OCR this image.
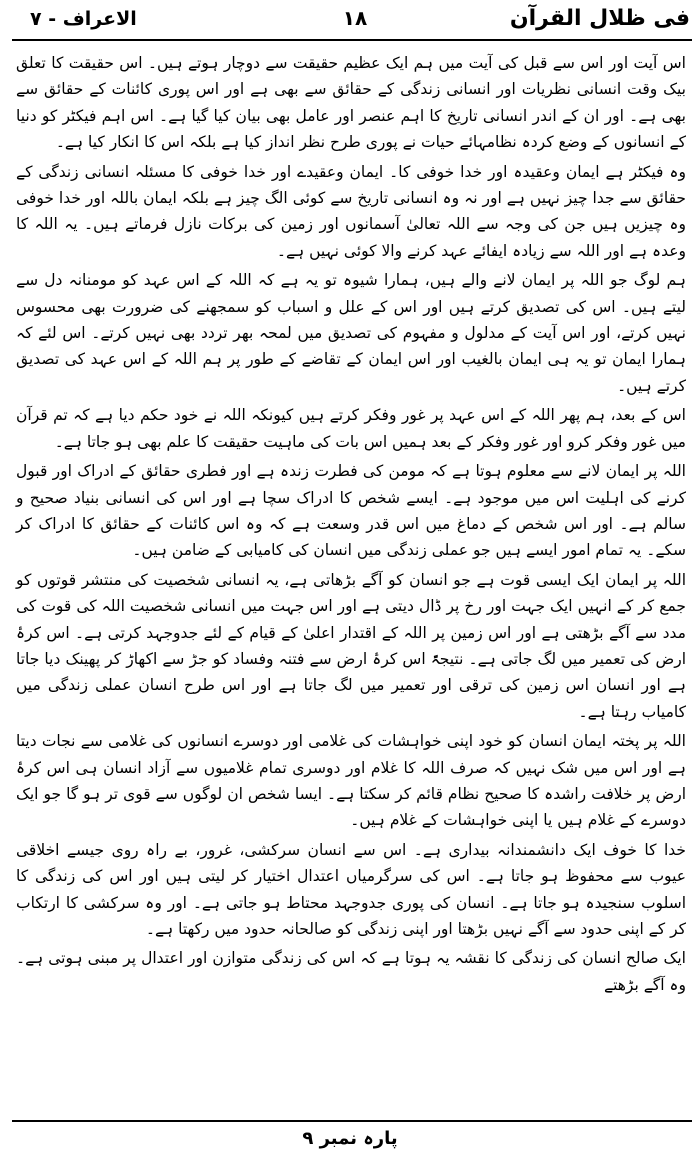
فی ظلال القرآن
۱۸
الاعراف - ۷

اس آیت اور اس سے قبل کی آیت میں ہم ایک عظیم حقیقت سے دوچار ہوتے ہیں۔ اس حقیقت کا تعلق بیک وقت انسانی نظریات اور انسانی زندگی کے حقائق سے بھی ہے اور اس پوری کائنات کے حقائق سے بھی ہے۔ اور ان کے اندر انسانی تاریخ کا اہم عنصر اور عامل بھی بیان کیا گیا ہے۔ اس اہم فیکٹر کو دنیا کے انسانوں کے وضع کردہ نظامہائے حیات نے پوری طرح نظر انداز کیا ہے بلکہ اس کا انکار کیا ہے۔

وہ فیکٹر ہے ایمان وعقیدہ اور خدا خوفی کا۔ ایمان وعقیدے اور خدا خوفی کا مسئلہ انسانی زندگی کے حقائق سے جدا چیز نہیں ہے اور نہ وہ انسانی تاریخ سے کوئی الگ چیز ہے بلکہ ایمان باللہ اور خدا خوفی وہ چیزیں ہیں جن کی وجہ سے اللہ تعالیٰ آسمانوں اور زمین کی برکات نازل فرماتے ہیں۔ یہ اللہ کا وعدہ ہے اور اللہ سے زیادہ ایفائے عہد کرنے والا کوئی نہیں ہے۔

ہم لوگ جو اللہ پر ایمان لانے والے ہیں، ہمارا شیوہ تو یہ ہے کہ اللہ کے اس عہد کو مومنانہ دل سے لیتے ہیں۔ اس کی تصدیق کرتے ہیں اور اس کے علل و اسباب کو سمجھنے کی ضرورت بھی محسوس نہیں کرتے، اور اس آیت کے مدلول و مفہوم کی تصدیق میں لمحہ بھر تردد بھی نہیں کرتے۔ اس لئے کہ ہمارا ایمان تو یہ ہی ایمان بالغیب اور اس ایمان کے تقاضے کے طور پر ہم اللہ کے اس عہد کی تصدیق کرتے ہیں۔

اس کے بعد، ہم پھر اللہ کے اس عہد پر غور وفکر کرتے ہیں کیونکہ اللہ نے خود حکم دیا ہے کہ تم قرآن میں غور وفکر کرو اور غور وفکر کے بعد ہمیں اس بات کی ماہیت حقیقت کا علم بھی ہو جاتا ہے۔

اللہ پر ایمان لانے سے معلوم ہوتا ہے کہ مومن کی فطرت زندہ ہے اور فطری حقائق کے ادراک اور قبول کرنے کی اہلیت اس میں موجود ہے۔ ایسے شخص کا ادراک سچا ہے اور اس کی انسانی بنیاد صحیح و سالم ہے۔ اور اس شخص کے دماغ میں اس قدر وسعت ہے کہ وہ اس کائنات کے حقائق کا ادراک کر سکے۔ یہ تمام امور ایسے ہیں جو عملی زندگی میں انسان کی کامیابی کے ضامن ہیں۔

اللہ پر ایمان ایک ایسی قوت ہے جو انسان کو آگے بڑھاتی ہے، یہ انسانی شخصیت کی منتشر قوتوں کو جمع کر کے انہیں ایک جہت اور رخ پر ڈال دیتی ہے اور اس جہت میں انسانی شخصیت اللہ کی قوت کی مدد سے آگے بڑھتی ہے اور اس زمین پر اللہ کے اقتدار اعلیٰ کے قیام کے لئے جدوجہد کرتی ہے۔ اس کرۂ ارض کی تعمیر میں لگ جاتی ہے۔ نتیجۃً اس کرۂ ارض سے فتنہ وفساد کو جڑ سے اکھاڑ کر پھینک دیا جاتا ہے اور انسان اس زمین کی ترقی اور تعمیر میں لگ جاتا ہے اور اس طرح انسان عملی زندگی میں کامیاب رہتا ہے۔

اللہ پر پختہ ایمان انسان کو خود اپنی خواہشات کی غلامی اور دوسرے انسانوں کی غلامی سے نجات دیتا ہے اور اس میں شک نہیں کہ صرف اللہ کا غلام اور دوسری تمام غلامیوں سے آزاد انسان ہی اس کرۂ ارض پر خلافت راشدہ کا صحیح نظام قائم کر سکتا ہے۔ ایسا شخص ان لوگوں سے قوی تر ہو گا جو ایک دوسرے کے غلام ہیں یا اپنی خواہشات کے غلام ہیں۔

خدا کا خوف ایک دانشمندانہ بیداری ہے۔ اس سے انسان سرکشی، غرور، بے راہ روی جیسے اخلاقی عیوب سے محفوظ ہو جاتا ہے۔ اس کی سرگرمیاں اعتدال اختیار کر لیتی ہیں اور اس کی زندگی کا اسلوب سنجیدہ ہو جاتا ہے۔ انسان کی پوری جدوجہد محتاط ہو جاتی ہے۔ اور وہ سرکشی کا ارتکاب کر کے اپنی حدود سے آگے نہیں بڑھتا اور اپنی زندگی کو صالحانہ حدود میں رکھتا ہے۔

ایک صالح انسان کی زندگی کا نقشہ یہ ہوتا ہے کہ اس کی زندگی متوازن اور اعتدال پر مبنی ہوتی ہے۔ وہ آگے بڑھتے

پارہ نمبر ۹
